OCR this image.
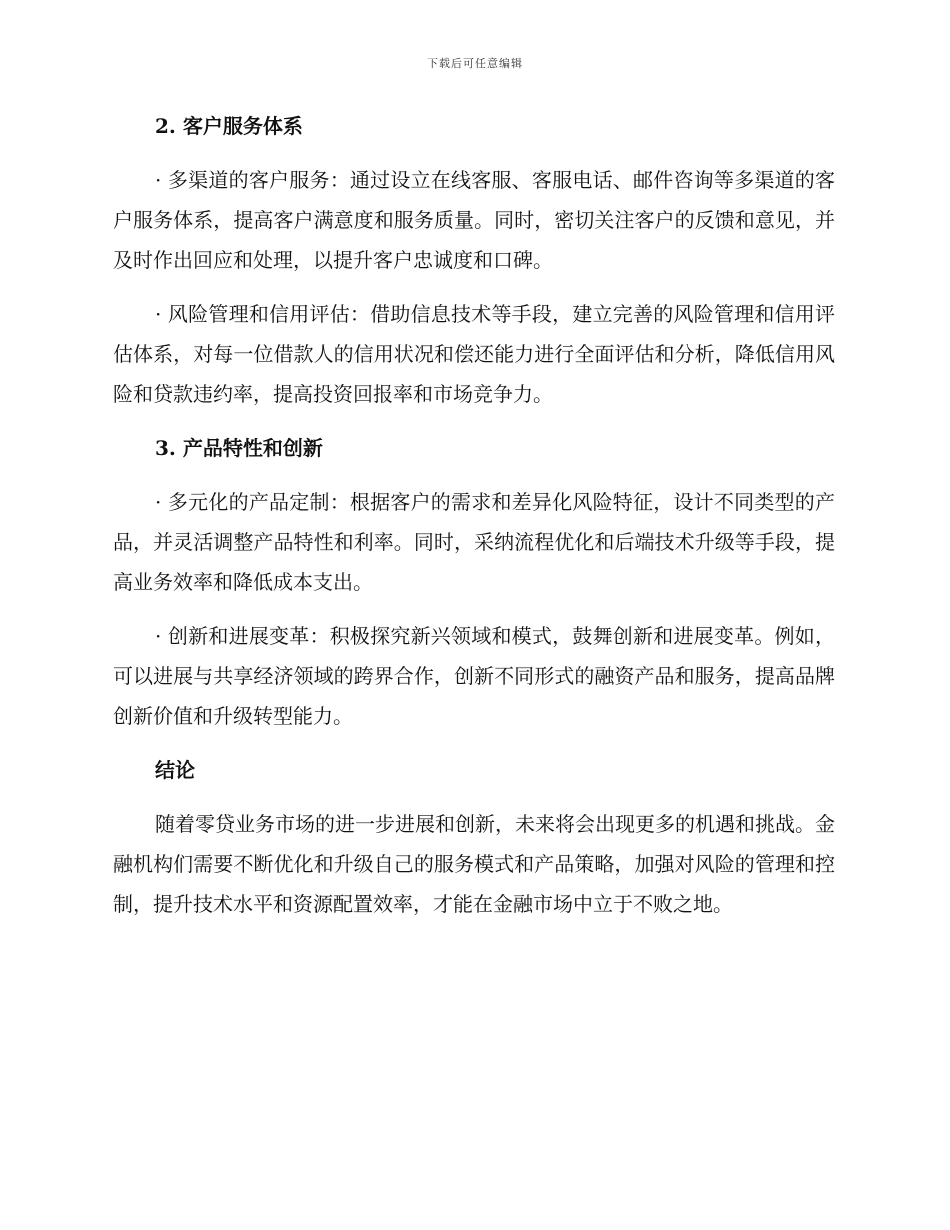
下载后可任意编辑
2. 客户服务体系

· 多渠道的客户服务：通过设立在线客服、客服电话、邮件咨询等多渠道的客户服务体系，提高客户满意度和服务质量。同时，密切关注客户的反馈和意见，并及时作出回应和处理，以提升客户忠诚度和口碑。

· 风险管理和信用评估：借助信息技术等手段，建立完善的风险管理和信用评估体系，对每一位借款人的信用状况和偿还能力进行全面评估和分析，降低信用风险和贷款违约率，提高投资回报率和市场竞争力。

3. 产品特性和创新

· 多元化的产品定制：根据客户的需求和差异化风险特征，设计不同类型的产品，并灵活调整产品特性和利率。同时，采纳流程优化和后端技术升级等手段，提高业务效率和降低成本支出。

· 创新和进展变革：积极探究新兴领域和模式，鼓舞创新和进展变革。例如，可以进展与共享经济领域的跨界合作，创新不同形式的融资产品和服务，提高品牌创新价值和升级转型能力。

结论

随着零贷业务市场的进一步进展和创新，未来将会出现更多的机遇和挑战。金融机构们需要不断优化和升级自己的服务模式和产品策略，加强对风险的管理和控制，提升技术水平和资源配置效率，才能在金融市场中立于不败之地。
